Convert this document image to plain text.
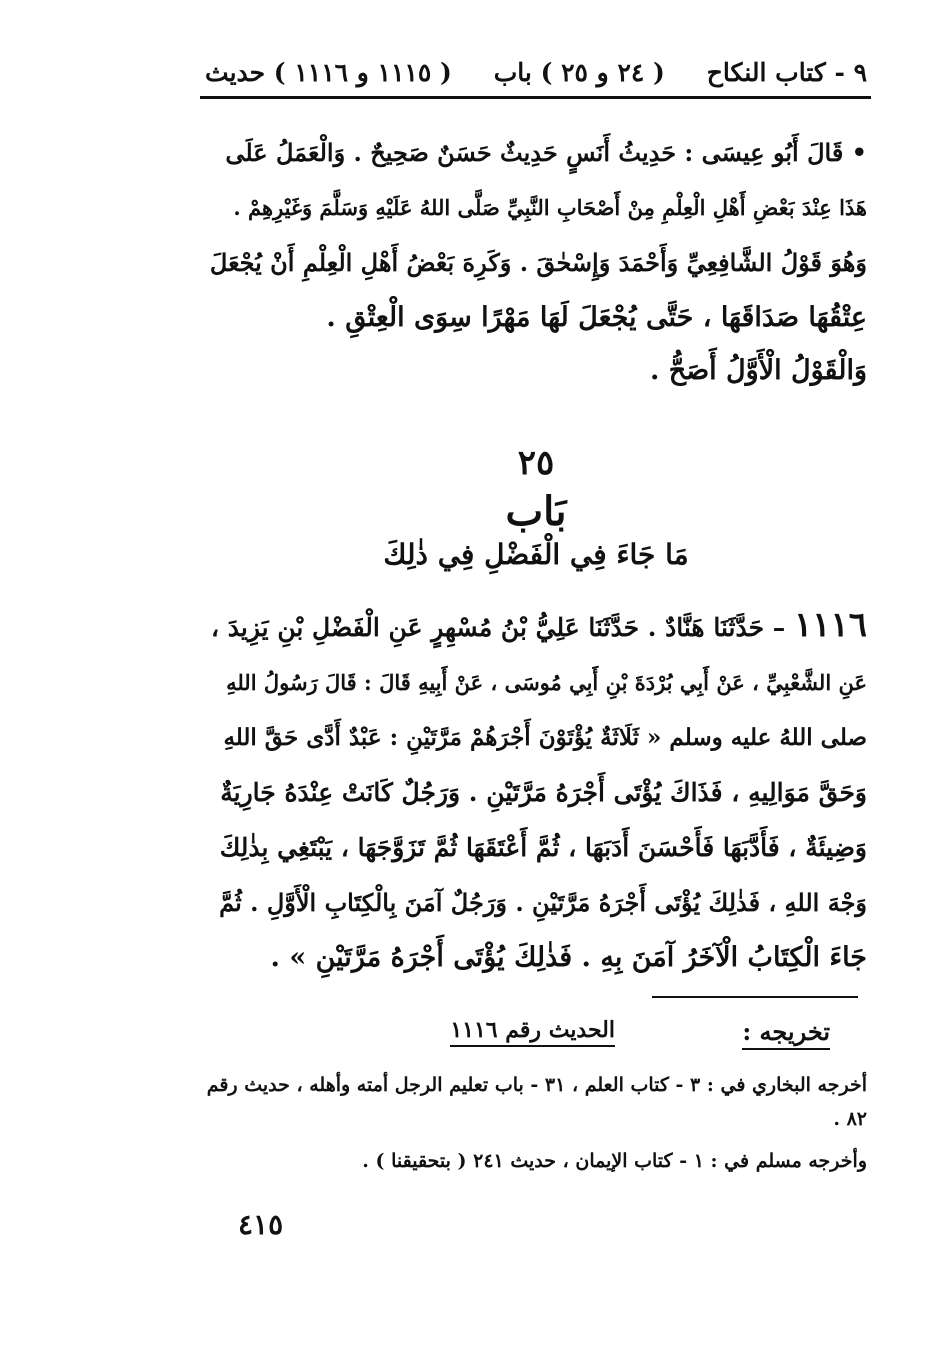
٩ - كتاب النكاح
( ٢٤ و ٢٥ ) باب
( ١١١٥ و ١١١٦ ) حديث
• قَالَ أَبُو عِيسَى : حَدِيثُ أَنَسٍ حَدِيثٌ حَسَنٌ صَحِيحٌ . وَالْعَمَلُ عَلَى
هَذَا عِنْدَ بَعْضِ أَهْلِ الْعِلْمِ مِنْ أَصْحَابِ النَّبِيِّ صَلَّى اللهُ عَلَيْهِ وَسَلَّمَ وَغَيْرِهِمْ .
وَهُوَ قَوْلُ الشَّافِعِيِّ وَأَحْمَدَ وَإِسْحٰقَ . وَكَرِهَ بَعْضُ أَهْلِ الْعِلْمِ أَنْ يُجْعَلَ
عِتْقُهَا صَدَاقَهَا ، حَتَّى يُجْعَلَ لَهَا مَهْرًا سِوَى الْعِتْقِ .
وَالْقَوْلُ الْأَوَّلُ أَصَحُّ .
٢٥
بَاب
مَا جَاءَ فِي الْفَضْلِ فِي ذٰلِكَ
١١١٦ – حَدَّثَنَا هَنَّادٌ . حَدَّثَنَا عَلِيُّ بْنُ مُسْهِرٍ عَنِ الْفَضْلِ بْنِ يَزِيدَ ،
عَنِ الشَّعْبِيِّ ، عَنْ أَبِي بُرْدَةَ بْنِ أَبِي مُوسَى ، عَنْ أَبِيهِ قَالَ : قَالَ رَسُولُ اللهِ
صلى اللهُ عليه وسلم « ثَلَاثَةٌ يُؤْتَوْنَ أَجْرَهُمْ مَرَّتَيْنِ : عَبْدٌ أَدَّى حَقَّ اللهِ
وَحَقَّ مَوَالِيهِ ، فَذَاكَ يُؤْتَى أَجْرَهُ مَرَّتَيْنِ . وَرَجُلٌ كَانَتْ عِنْدَهُ جَارِيَةٌ
وَضِيئَةٌ ، فَأَدَّبَهَا فَأَحْسَنَ أَدَبَهَا ، ثُمَّ أَعْتَقَهَا ثُمَّ تَزَوَّجَهَا ، يَبْتَغِي بِذٰلِكَ
وَجْهَ اللهِ ، فَذٰلِكَ يُؤْتَى أَجْرَهُ مَرَّتَيْنِ . وَرَجُلٌ آمَنَ بِالْكِتَابِ الْأَوَّلِ . ثُمَّ
جَاءَ الْكِتَابُ الْآخَرُ آمَنَ بِهِ . فَذٰلِكَ يُؤْتَى أَجْرَهُ مَرَّتَيْنِ » .
تخريجه :
الحديث رقم ١١١٦

أخرجه البخاري في : ٣ - كتاب العلم ، ٣١ - باب تعليم الرجل أمته وأهله ، حديث رقم ٨٢ .

وأخرجه مسلم في : ١ - كتاب الإيمان ، حديث ٢٤١ ( بتحقيقنا ) .

٤١٥
